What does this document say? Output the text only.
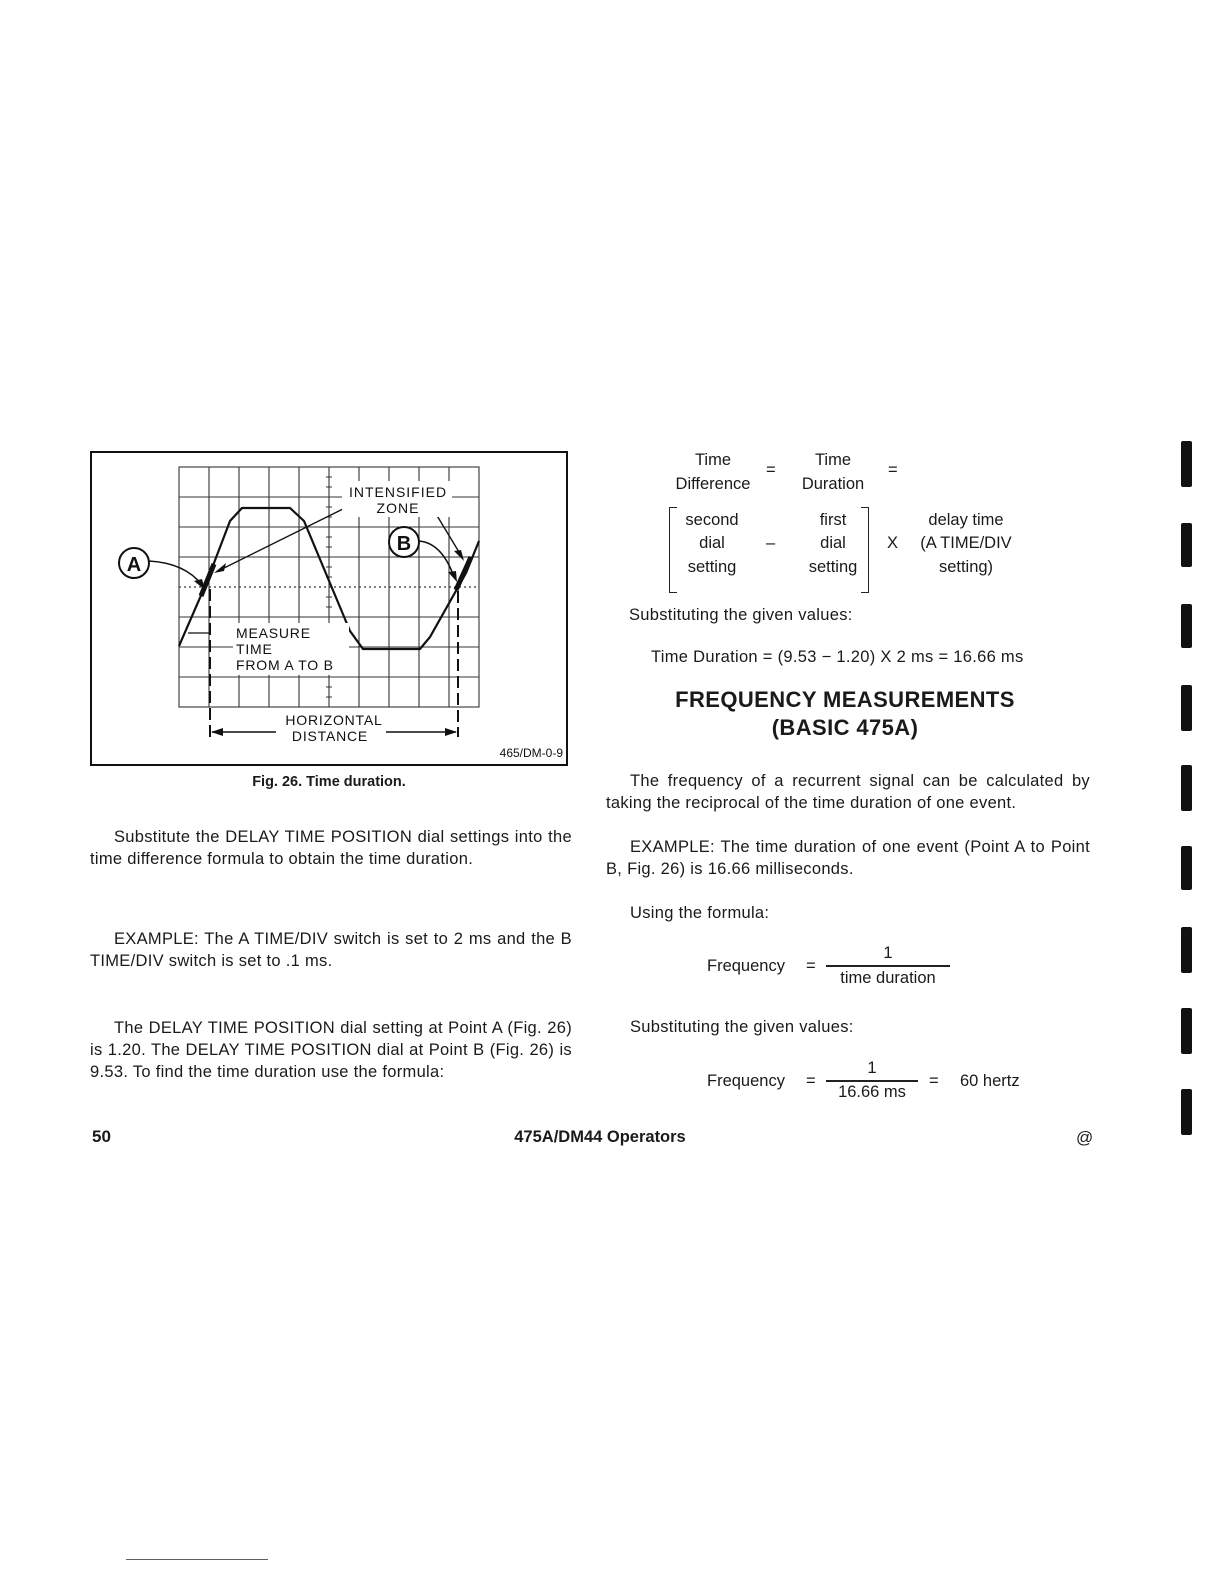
A
B
INTENSIFIED
ZONE
MEASURE
TIME
FROM A TO B
HORIZONTAL
DISTANCE
465/DM-0-9
Fig. 26. Time duration.
Substitute the DELAY TIME POSITION dial settings into the time difference formula to obtain the time duration.
EXAMPLE: The A TIME/DIV switch is set to 2 ms and the B TIME/DIV switch is set to .1 ms.
The DELAY TIME POSITION dial setting at Point A (Fig. 26) is 1.20. The DELAY TIME POSITION dial at Point B (Fig. 26) is 9.53. To find the time duration use the formula:
Time
Difference
=
Time
Duration
=
second
dial
setting
–
first
dial
setting
X
delay time
(A TIME/DIV
setting)
Substituting the given values:
Time Duration = (9.53 − 1.20) X 2 ms = 16.66 ms
FREQUENCY MEASUREMENTS
(BASIC 475A)
The frequency of a recurrent signal can be calculated by taking the reciprocal of the time duration of one event.
EXAMPLE: The time duration of one event (Point A to Point B, Fig. 26) is 16.66 milliseconds.
Using the formula:
Frequency =
1
time duration
Substituting the given values:
Frequency =
1
16.66 ms
= 60 hertz
50	475A/DM44 Operators	@
